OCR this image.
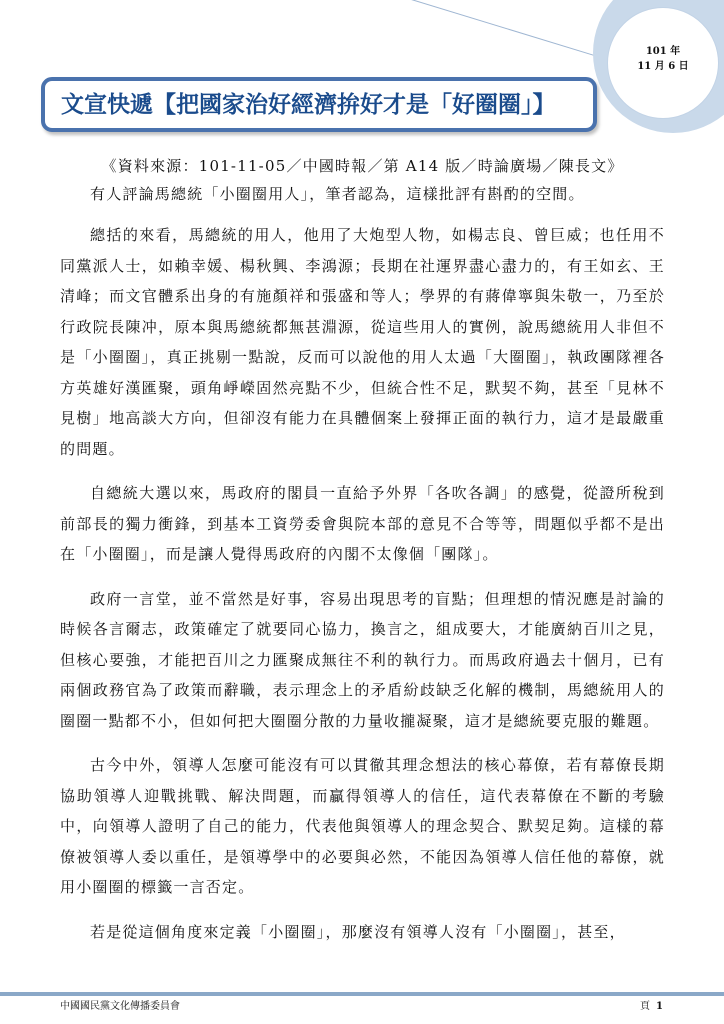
101 年
11 月 6 日
文宣快遞【把國家治好經濟拚好才是「好圈圈」】

《資料來源：101-11-05／中國時報／第 A14 版／時論廣場／陳長文》

有人評論馬總統「小圈圈用人」，筆者認為，這樣批評有斟酌的空間。

總括的來看，馬總統的用人，他用了大炮型人物，如楊志良、曾巨威；也任用不同黨派人士，如賴幸媛、楊秋興、李鴻源；長期在社運界盡心盡力的，有王如玄、王清峰；而文官體系出身的有施顏祥和張盛和等人；學界的有蔣偉寧與朱敬一，乃至於行政院長陳冲，原本與馬總統都無甚淵源，從這些用人的實例，說馬總統用人非但不是「小圈圈」，真正挑剔一點說，反而可以說他的用人太過「大圈圈」，執政團隊裡各方英雄好漢匯聚，頭角崢嶸固然亮點不少，但統合性不足，默契不夠，甚至「見林不見樹」地高談大方向，但卻沒有能力在具體個案上發揮正面的執行力，這才是最嚴重的問題。

自總統大選以來，馬政府的閣員一直給予外界「各吹各調」的感覺，從證所稅到前部長的獨力衝鋒，到基本工資勞委會與院本部的意見不合等等，問題似乎都不是出在「小圈圈」，而是讓人覺得馬政府的內閣不太像個「團隊」。

政府一言堂，並不當然是好事，容易出現思考的盲點；但理想的情況應是討論的時候各言爾志，政策確定了就要同心協力，換言之，組成要大，才能廣納百川之見，但核心要強，才能把百川之力匯聚成無往不利的執行力。而馬政府過去十個月，已有兩個政務官為了政策而辭職，表示理念上的矛盾紛歧缺乏化解的機制，馬總統用人的圈圈一點都不小，但如何把大圈圈分散的力量收攏凝聚，這才是總統要克服的難題。

古今中外，領導人怎麼可能沒有可以貫徹其理念想法的核心幕僚，若有幕僚長期協助領導人迎戰挑戰、解決問題，而贏得領導人的信任，這代表幕僚在不斷的考驗中，向領導人證明了自己的能力，代表他與領導人的理念契合、默契足夠。這樣的幕僚被領導人委以重任，是領導學中的必要與必然，不能因為領導人信任他的幕僚，就用小圈圈的標籤一言否定。

若是從這個角度來定義「小圈圈」，那麼沒有領導人沒有「小圈圈」，甚至，

中國國民黨文化傳播委員會	頁 1
